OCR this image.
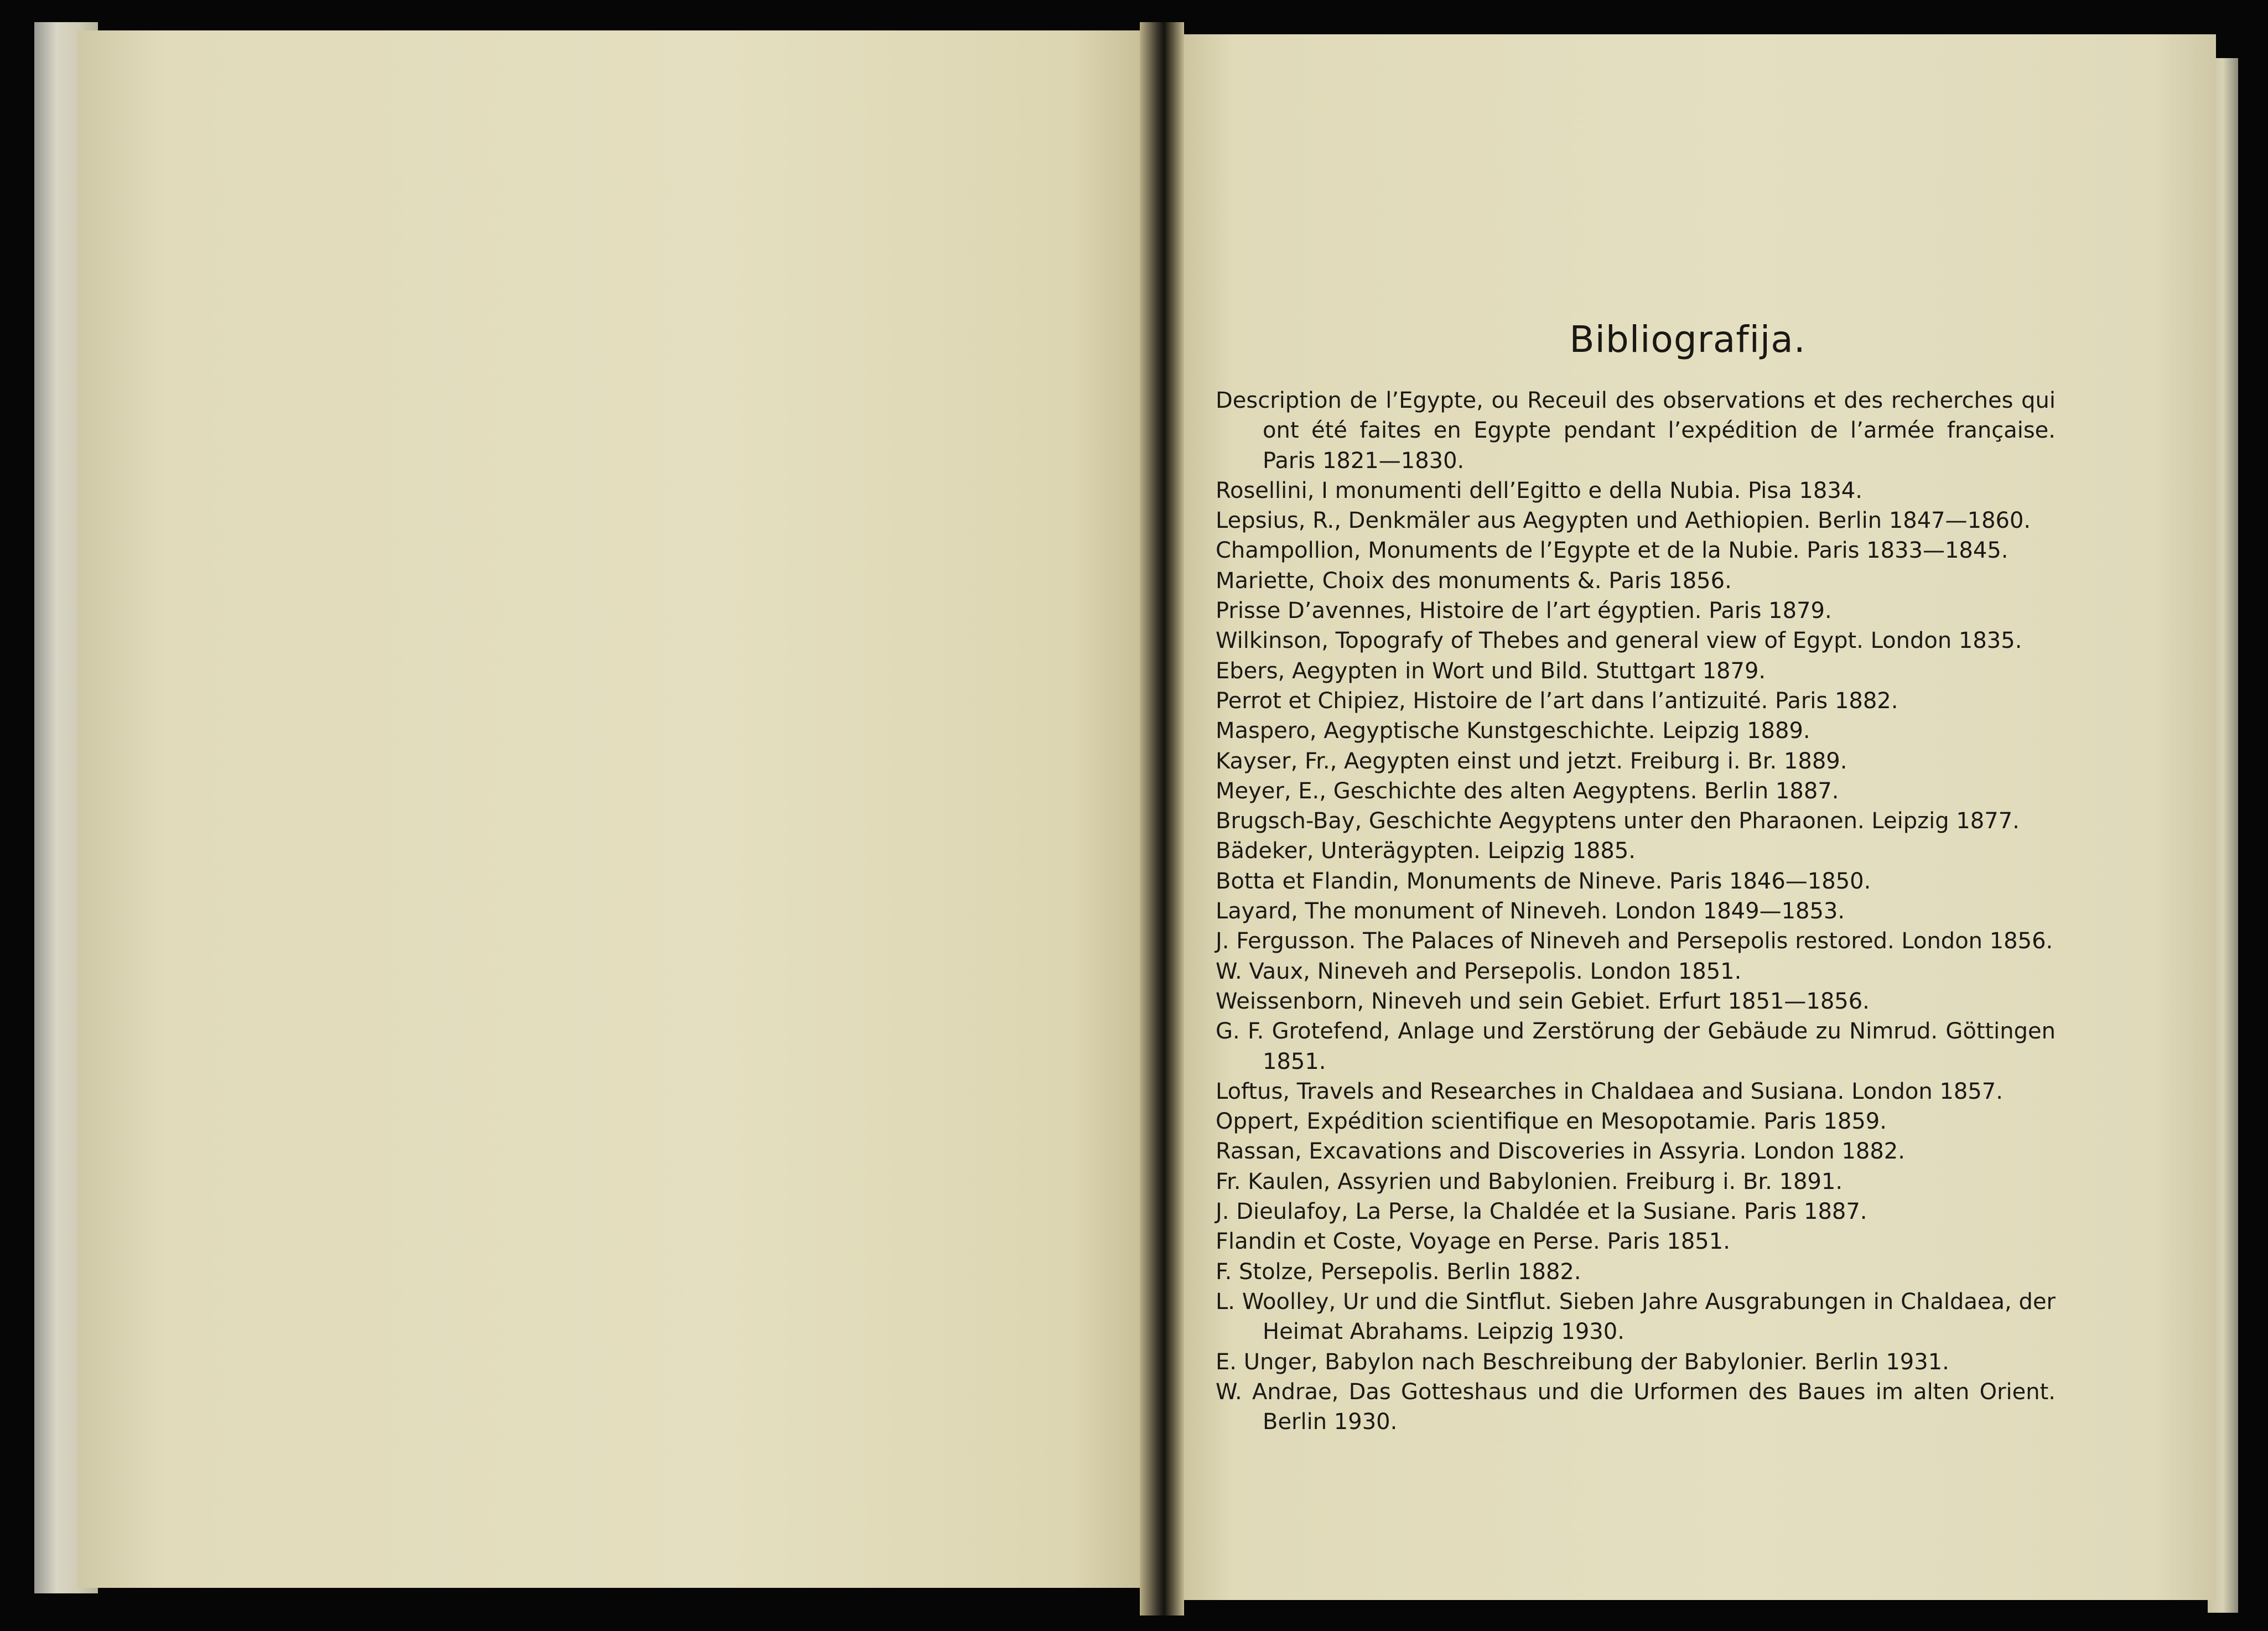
Bibliografija.
Description de l’Egypte, ou Receuil des observations et des recherches qui ont été faites en Egypte pendant l’expédition de l’armée française. Paris 1821—1830.
Rosellini, I monumenti dell’Egitto e della Nubia. Pisa 1834.
Lepsius, R., Denkmäler aus Aegypten und Aethiopien. Berlin 1847—1860.
Champollion, Monuments de l’Egypte et de la Nubie. Paris 1833—1845.
Mariette, Choix des monuments &. Paris 1856.
Prisse D’avennes, Histoire de l’art égyptien. Paris 1879.
Wilkinson, Topografy of Thebes and general view of Egypt. London 1835.
Ebers, Aegypten in Wort und Bild. Stuttgart 1879.
Perrot et Chipiez, Histoire de l’art dans l’antizuité. Paris 1882.
Maspero, Aegyptische Kunstgeschichte. Leipzig 1889.
Kayser, Fr., Aegypten einst und jetzt. Freiburg i. Br. 1889.
Meyer, E., Geschichte des alten Aegyptens. Berlin 1887.
Brugsch-Bay, Geschichte Aegyptens unter den Pharaonen. Leipzig 1877.
Bädeker, Unterägypten. Leipzig 1885.
Botta et Flandin, Monuments de Nineve. Paris 1846—1850.
Layard, The monument of Nineveh. London 1849—1853.
J. Fergusson. The Palaces of Nineveh and Persepolis restored. London 1856.
W. Vaux, Nineveh and Persepolis. London 1851.
Weissenborn, Nineveh und sein Gebiet. Erfurt 1851—1856.
G. F. Grotefend, Anlage und Zerstörung der Gebäude zu Nimrud. Göttingen 1851.
Loftus, Travels and Researches in Chaldaea and Susiana. London 1857.
Oppert, Expédition scientifique en Mesopotamie. Paris 1859.
Rassan, Excavations and Discoveries in Assyria. London 1882.
Fr. Kaulen, Assyrien und Babylonien. Freiburg i. Br. 1891.
J. Dieulafoy, La Perse, la Chaldée et la Susiane. Paris 1887.
Flandin et Coste, Voyage en Perse. Paris 1851.
F. Stolze, Persepolis. Berlin 1882.
L. Woolley, Ur und die Sintflut. Sieben Jahre Ausgrabungen in Chaldaea, der Heimat Abrahams. Leipzig 1930.
E. Unger, Babylon nach Beschreibung der Babylonier. Berlin 1931.
W. Andrae, Das Gotteshaus und die Urformen des Baues im alten Orient. Berlin 1930.
